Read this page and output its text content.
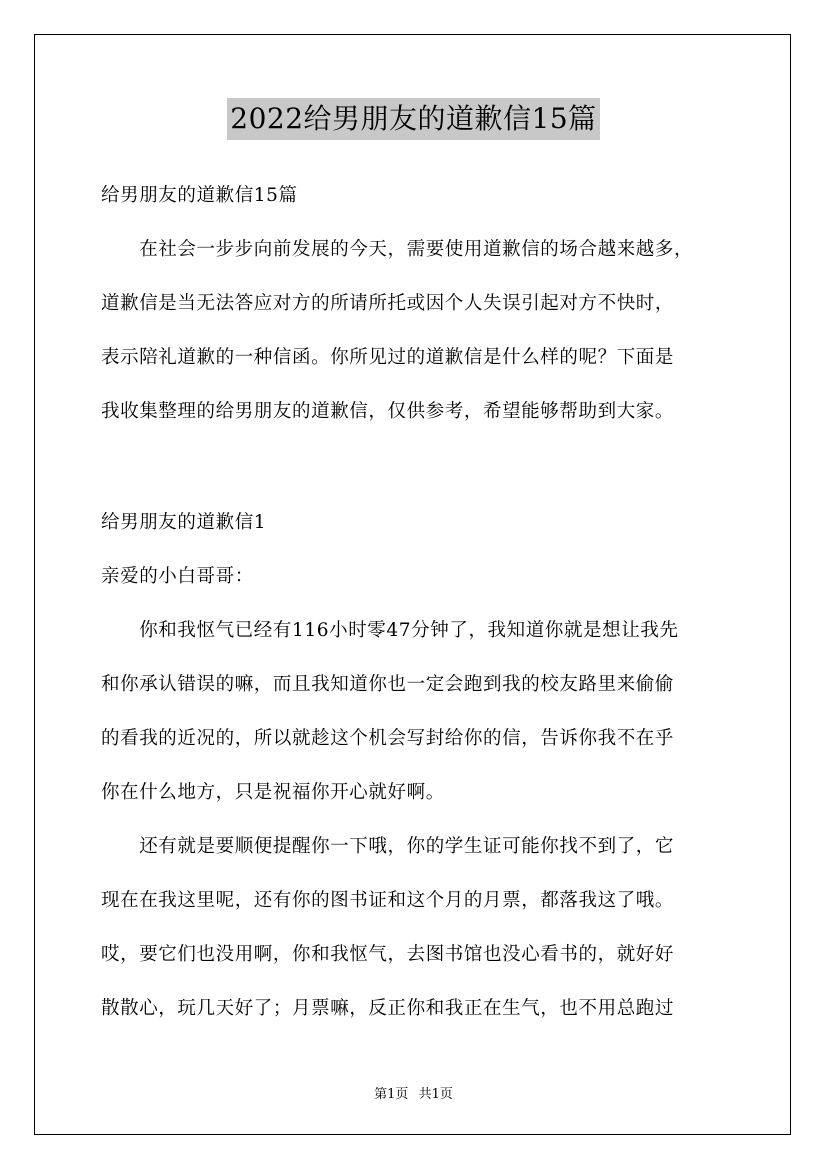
2022给男朋友的道歉信15篇

给男朋友的道歉信15篇

　　在社会一步步向前发展的今天，需要使用道歉信的场合越来越多，

道歉信是当无法答应对方的所请所托或因个人失误引起对方不快时，

表示陪礼道歉的一种信函。你所见过的道歉信是什么样的呢？下面是

我收集整理的给男朋友的道歉信，仅供参考，希望能够帮助到大家。

给男朋友的道歉信1

亲爱的小白哥哥：

　　你和我怄气已经有116小时零47分钟了，我知道你就是想让我先

和你承认错误的嘛，而且我知道你也一定会跑到我的校友路里来偷偷

的看我的近况的，所以就趁这个机会写封给你的信，告诉你我不在乎

你在什么地方，只是祝福你开心就好啊。

　　还有就是要顺便提醒你一下哦，你的学生证可能你找不到了，它

现在在我这里呢，还有你的图书证和这个月的月票，都落我这了哦。

哎，要它们也没用啊，你和我怄气，去图书馆也没心看书的，就好好

散散心，玩几天好了；月票嘛，反正你和我正在生气，也不用总跑过

第1页 共1页
